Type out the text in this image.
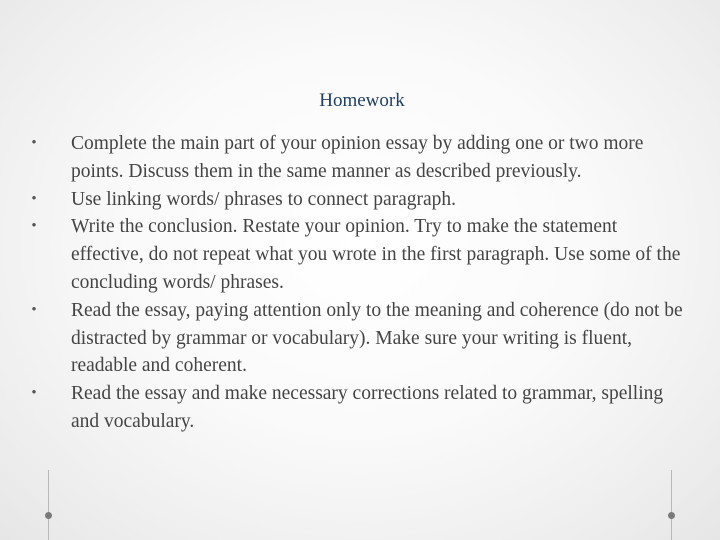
Homework
•	Complete the main part of your opinion essay by adding one or two more points. Discuss them in the same manner as described previously.
•	Use linking words/ phrases to connect paragraph.
•	Write the conclusion. Restate your opinion. Try to make the statement effective, do not repeat what you wrote in the first paragraph. Use some of the concluding words/ phrases.
•	Read the essay, paying attention only to the meaning and coherence (do not be distracted by grammar or vocabulary). Make sure your writing is fluent, readable and coherent.
•	Read the essay and make necessary corrections related to grammar, spelling and vocabulary.
